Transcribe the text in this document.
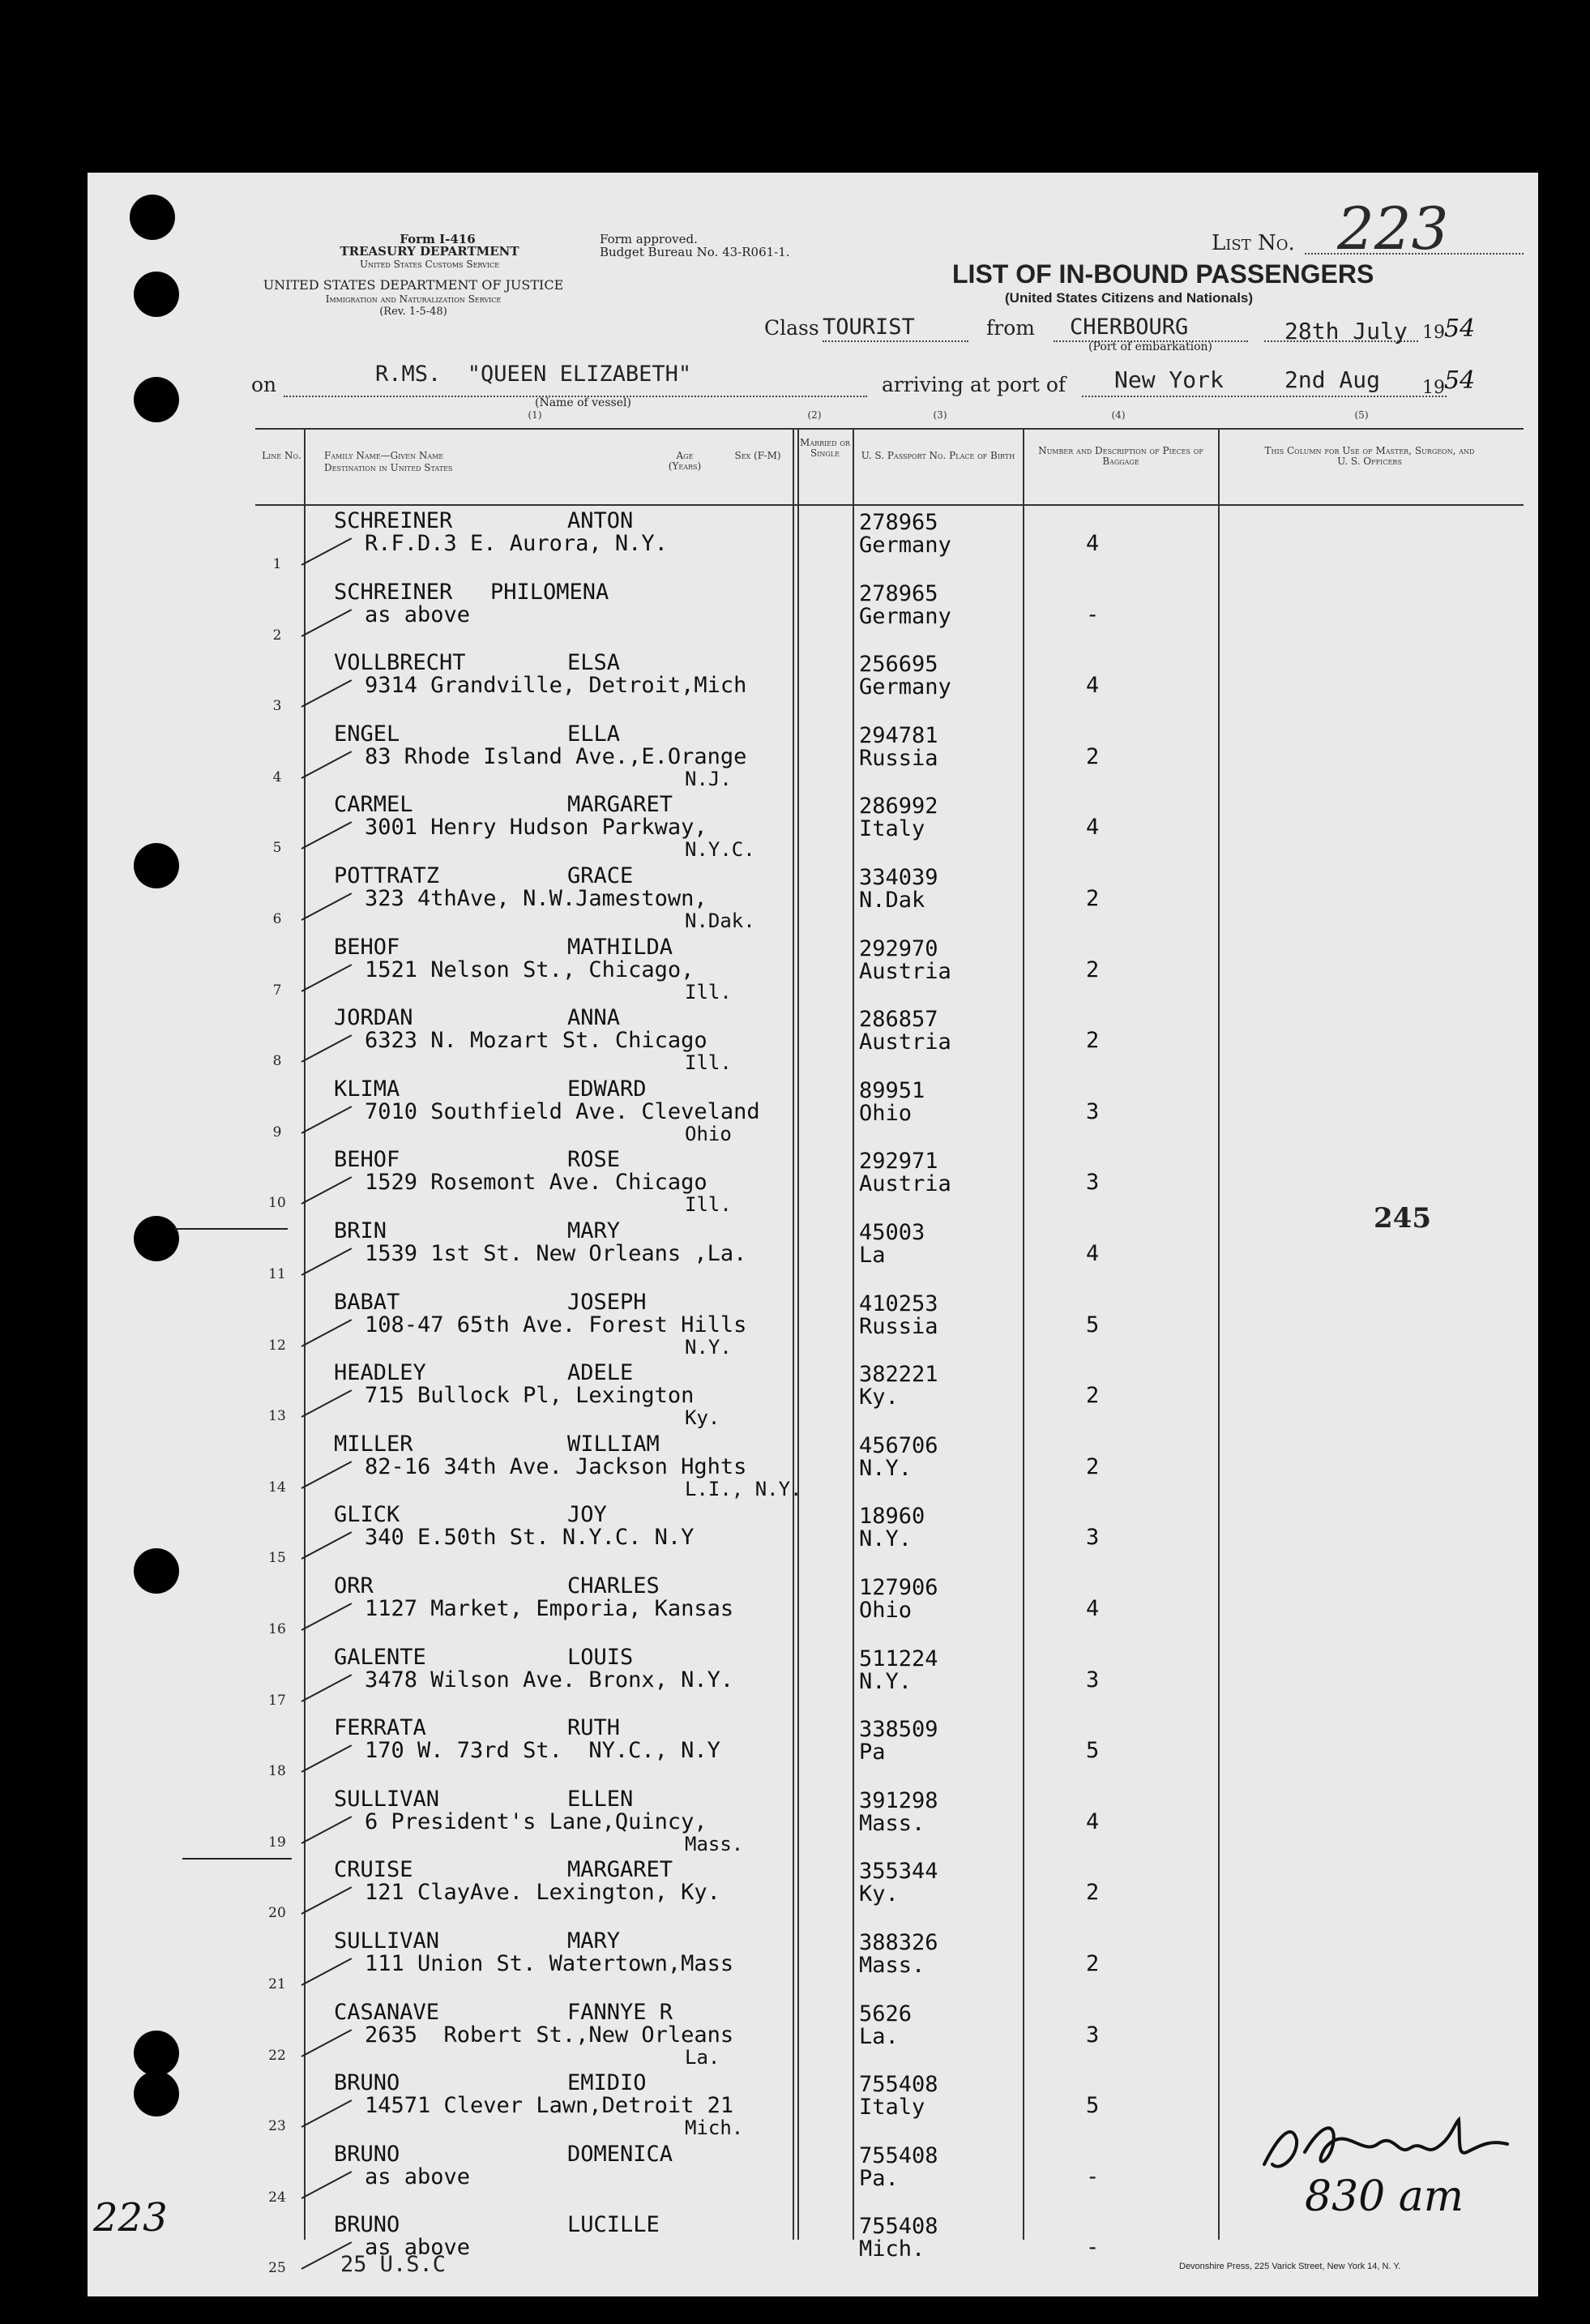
Form I-416
TREASURY DEPARTMENT
United States Customs Service
Form approved.
Budget Bureau No. 43-R061-1.
UNITED STATES DEPARTMENT OF JUSTICE
Immigration and Naturalization Service
(Rev. 1-5-48)
List No. 223
LIST OF IN-BOUND PASSENGERS
(United States Citizens and Nationals)
Class TOURIST	from CHERBOURG
(Port of embarkation)
28th July 19 54
on	R.MS.  "QUEEN ELIZABETH"
(Name of vessel)
arriving at port of New York	2nd Aug 19 54
(1)	(2)	(3)	(4)	(5)
Line No. Family Name—Given Name
Destination in United States
Age (Years)
Sex (F-M)
Married or Single	U. S. Passport No. Place of Birth	Number and Description of Pieces of Baggage
This Column for Use of Master, Surgeon, and U. S. Officers
1
SCHREINER	ANTON
R.F.D.3 E. Aurora, N.Y.
278965
Germany	4
2
SCHREINER PHILOMENA
as above
278965
Germany	-
3
VOLLBRECHT	ELSA
9314 Grandville, Detroit,Mich
256695
Germany	4
4
ENGEL	ELLA
83 Rhode Island Ave.,E.Orange
N.J.
294781
Russia	2
5
CARMEL	MARGARET
3001 Henry Hudson Parkway,
N.Y.C.
286992
Italy	4
6
POTTRATZ	GRACE
323 4thAve, N.W.Jamestown,
N.Dak.
334039
N.Dak	2
7
BEHOF	MATHILDA
1521 Nelson St., Chicago,
Ill.
292970
Austria	2
8
JORDAN	ANNA
6323 N. Mozart St. Chicago
Ill.
286857
Austria	2
9
KLIMA	EDWARD
7010 Southfield Ave. Cleveland
Ohio
89951
Ohio	3
10
BEHOF	ROSE
1529 Rosemont Ave. Chicago
Ill.
292971
Austria	3
11
BRIN	MARY
1539 1st St. New Orleans ,La.
45003
La	4
12
BABAT	JOSEPH
108-47 65th Ave. Forest Hills
N.Y.
410253
Russia	5
13
HEADLEY	ADELE
715 Bullock Pl, Lexington
Ky.
382221
Ky.	2
14
MILLER	WILLIAM
82-16 34th Ave. Jackson Hghts
L.I., N.Y.
456706
N.Y.	2
15
GLICK	JOY
340 E.50th St. N.Y.C. N.Y
18960
N.Y.	3
16
ORR	CHARLES
1127 Market, Emporia, Kansas
127906
Ohio	4
17
GALENTE	LOUIS
3478 Wilson Ave. Bronx, N.Y.
511224
N.Y.	3
18
FERRATA	RUTH
170 W. 73rd St.  NY.C., N.Y
338509
Pa	5
19
SULLIVAN	ELLEN
6 President's Lane,Quincy,
Mass.
391298
Mass.	4
20
CRUISE	MARGARET
121 ClayAve. Lexington, Ky.
355344
Ky.	2
21
SULLIVAN	MARY
111 Union St. Watertown,Mass
388326
Mass.	2
22
CASANAVE	FANNYE R
2635  Robert St.,New Orleans
La.
5626
La.	3
23
BRUNO	EMIDIO
14571 Clever Lawn,Detroit 21
Mich.
755408
Italy	5
24
BRUNO	DOMENICA
as above
755408
Pa.	-
25
BRUNO	LUCILLE
as above
755408
Mich.	-
245
25 U.S.C
223	830 am
Devonshire Press, 225 Varick Street, New York 14, N. Y.
